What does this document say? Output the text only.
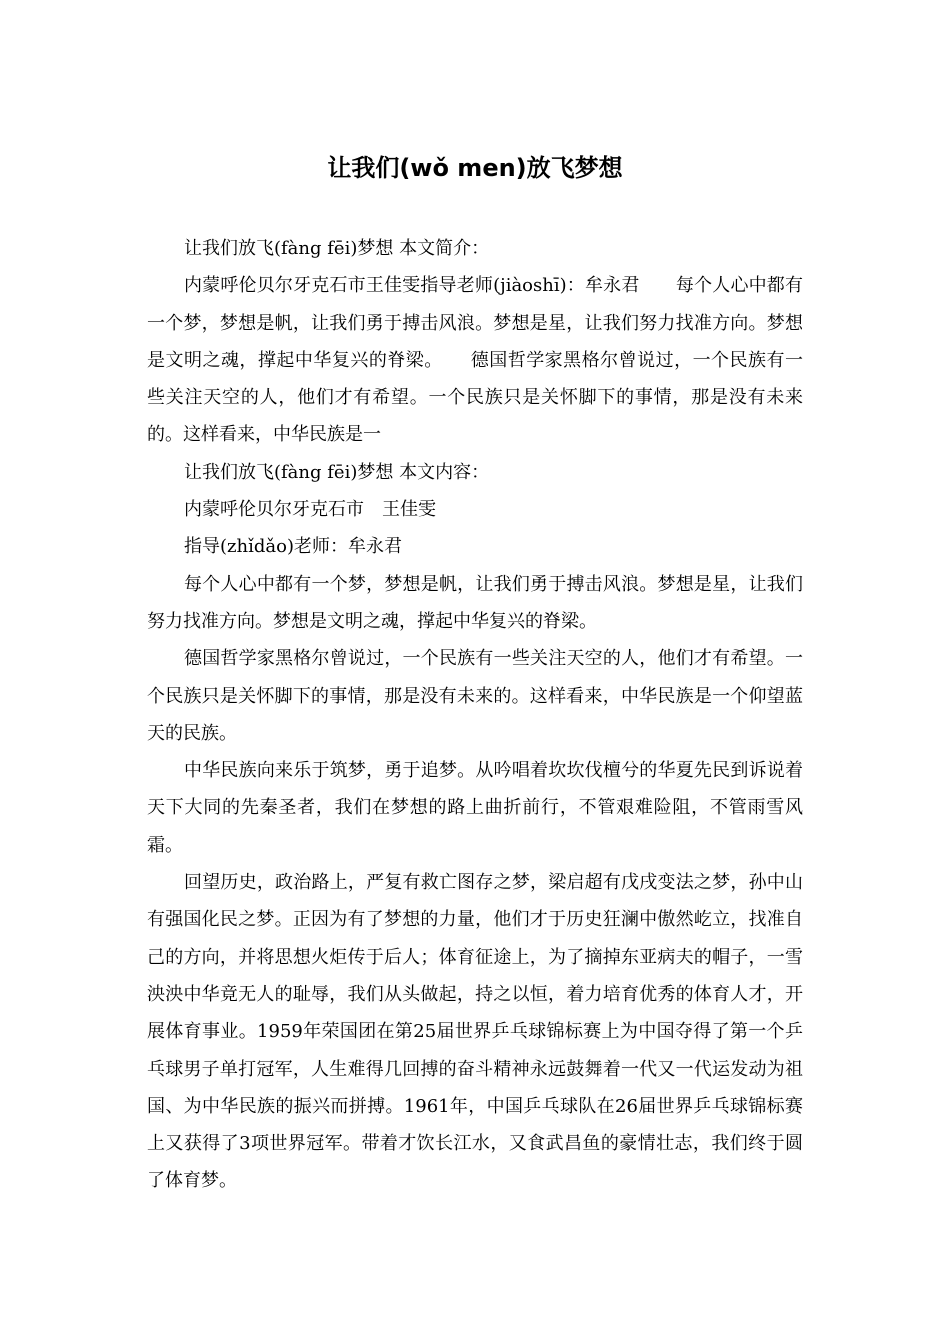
让我们(wǒ men)放飞梦想

让我们放飞(fàng fēi)梦想 本文简介：

内蒙呼伦贝尔牙克石市王佳雯指导老师(jiàoshī)：牟永君　　每个人心中都有一个梦，梦想是帆，让我们勇于搏击风浪。梦想是星，让我们努力找准方向。梦想是文明之魂，撑起中华复兴的脊梁。　　德国哲学家黑格尔曾说过，一个民族有一些关注天空的人，他们才有希望。一个民族只是关怀脚下的事情，那是没有未来的。这样看来，中华民族是一

让我们放飞(fàng fēi)梦想 本文内容：

内蒙呼伦贝尔牙克石市　王佳雯

指导(zhǐdǎo)老师：牟永君

每个人心中都有一个梦，梦想是帆，让我们勇于搏击风浪。梦想是星，让我们努力找准方向。梦想是文明之魂，撑起中华复兴的脊梁。

德国哲学家黑格尔曾说过，一个民族有一些关注天空的人，他们才有希望。一个民族只是关怀脚下的事情，那是没有未来的。这样看来，中华民族是一个仰望蓝天的民族。

中华民族向来乐于筑梦，勇于追梦。从吟唱着坎坎伐檀兮的华夏先民到诉说着天下大同的先秦圣者，我们在梦想的路上曲折前行，不管艰难险阻，不管雨雪风霜。

回望历史，政治路上，严复有救亡图存之梦，梁启超有戊戌变法之梦，孙中山有强国化民之梦。正因为有了梦想的力量，他们才于历史狂澜中傲然屹立，找准自己的方向，并将思想火炬传于后人；体育征途上，为了摘掉东亚病夫的帽子，一雪泱泱中华竟无人的耻辱，我们从头做起，持之以恒，着力培育优秀的体育人才，开展体育事业。1959年荣国团在第25届世界乒乓球锦标赛上为中国夺得了第一个乒乓球男子单打冠军，人生难得几回搏的奋斗精神永远鼓舞着一代又一代运发动为祖国、为中华民族的振兴而拼搏。1961年，中国乒乓球队在26届世界乒乓球锦标赛上又获得了3项世界冠军。带着才饮长江水，又食武昌鱼的豪情壮志，我们终于圆了体育梦。
